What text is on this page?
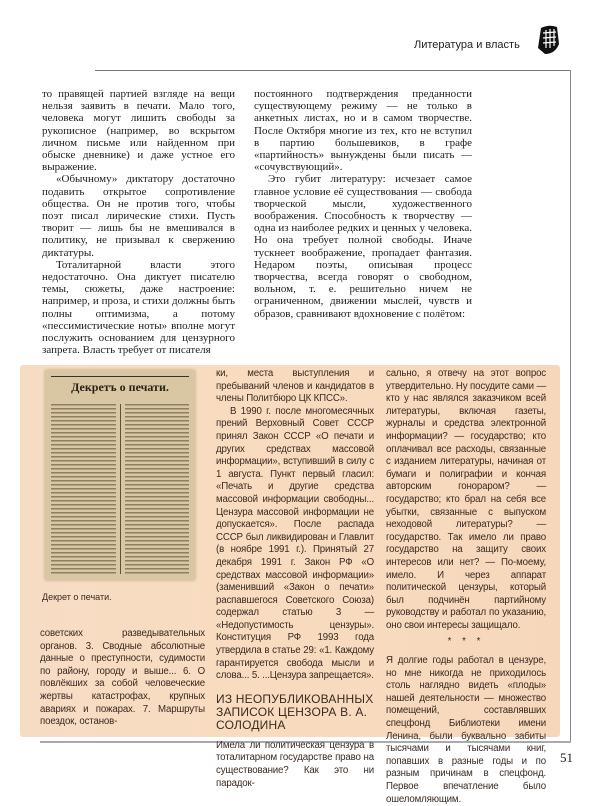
Литература и власть

то правящей партией взгляде на вещи нельзя заявить в печати. Мало того, человека могут лишить свободы за рукописное (например, во вскрытом личном письме или найденном при обыске дневнике) и даже устное его выражение.

«Обычному» диктатору достаточно подавить открытое сопротивление общества. Он не против того, чтобы поэт писал лирические стихи. Пусть творит — лишь бы не вмешивался в политику, не призывал к свержению диктатуры.

Тоталитарной власти этого недостаточно. Она диктует писателю темы, сюжеты, даже настроение: например, и проза, и стихи должны быть полны оптимизма, а потому «пессимистические ноты» вполне могут послужить основанием для цензурного запрета. Власть требует от писателя

постоянного подтверждения преданности существующему режиму — не только в анкетных листах, но и в самом творчестве. После Октября многие из тех, кто не вступил в партию большевиков, в графе «партийность» вынуждены были писать — «сочувствующий».

Это губит литературу: исчезает самое главное условие её существования — свобода творческой мысли, художественного воображения. Способность к творчеству — одна из наиболее редких и ценных у человека. Но она требует полной свободы. Иначе тускнеет воображение, пропадает фантазия. Недаром поэты, описывая процесс творчества, всегда говорят о свободном, вольном, т. е. решительно ничем не ограниченном, движении мыслей, чувств и образов, сравнивают вдохновение с полётом:

Декретъ о печати.
Декрет о печати.

советских разведывательных органов. 3. Сводные абсолютные данные о преступности, судимости по району, городу и выше... 6. О повлёкших за собой человеческие жертвы катастрофах, крупных авариях и пожарах. 7. Маршруты поездок, останов-

ки, места выступления и пребываний членов и кандидатов в члены Политбюро ЦК КПСС».

В 1990 г. после многомесячных прений Верховный Совет СССР принял Закон СССР «О печати и других средствах массовой информации», вступивший в силу с 1 августа. Пункт первый гласил: «Печать и другие средства массовой информации свободны... Цензура массовой информации не допускается». После распада СССР был ликвидирован и Главлит (в ноябре 1991 г.). Принятый 27 декабря 1991 г. Закон РФ «О средствах массовой информации» (заменивший «Закон о печати» распавшегося Советского Союза) содержал статью 3 — «Недопустимость цензуры». Конституция РФ 1993 года утвердила в статье 29: «1. Каждому гарантируется свобода мысли и слова... 5. ...Цензура запрещается».

ИЗ НЕОПУБЛИКОВАННЫХ ЗАПИСОК ЦЕНЗОРА В. А. СОЛОДИНА

Имела ли политическая цензура в тоталитарном государстве право на существование? Как это ни парадок-

сально, я отвечу на этот вопрос утвердительно. Ну посудите сами — кто у нас являлся заказчиком всей литературы, включая газеты, журналы и средства электронной информации? — государство; кто оплачивал все расходы, связанные с изданием литературы, начиная от бумаги и полиграфии и кончая авторским гонораром? — государство; кто брал на себя все убытки, связанные с выпуском неходовой литературы? — государство. Так имело ли право государство на защиту своих интересов или нет? — По-моему, имело. И через аппарат политической цензуры, который был подчинён партийному руководству и работал по указанию, оно свои интересы защищало.

* * *

Я долгие годы работал в цензуре, но мне никогда не приходилось столь наглядно видеть «плоды» нашей деятельности — множество помещений, составлявших спецфонд Библиотеки имени Ленина, были буквально забиты тысячами и тысячами книг, попавших в разные годы и по разным причинам в спецфонд. Первое впечатление было ошеломляющим.

51
